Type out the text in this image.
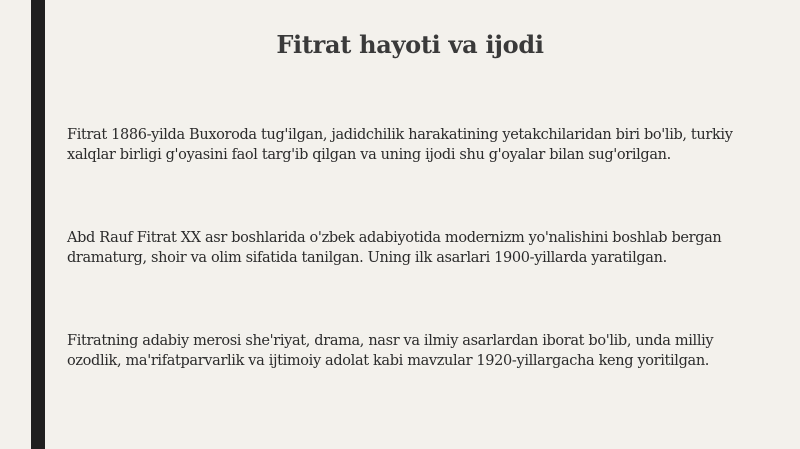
Fitrat hayoti va ijodi

Fitrat 1886-yilda Buxoroda tug'ilgan, jadidchilik harakatining yetakchilaridan biri bo'lib, turkiy
xalqlar birligi g'oyasini faol targ'ib qilgan va uning ijodi shu g'oyalar bilan sug'orilgan.

Abd Rauf Fitrat XX asr boshlarida o'zbek adabiyotida modernizm yo'nalishini boshlab bergan
dramaturg, shoir va olim sifatida tanilgan. Uning ilk asarlari 1900-yillarda yaratilgan.

Fitratning adabiy merosi she'riyat, drama, nasr va ilmiy asarlardan iborat bo'lib, unda milliy
ozodlik, ma'rifatparvarlik va ijtimoiy adolat kabi mavzular 1920-yillargacha keng yoritilgan.
